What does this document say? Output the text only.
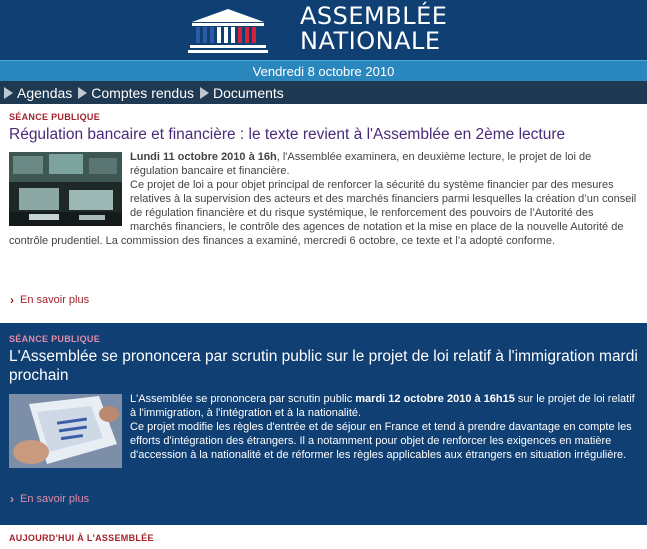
ASSEMBLÉE
NATIONALE
Vendredi 8 octobre 2010
Agendas Comptes rendus Documents
SÉANCE PUBLIQUE
Régulation bancaire et financière : le texte revient à l'Assemblée en 2ème lecture
Lundi 11 octobre 2010 à 16h, l'Assemblée examinera, en deuxième lecture, le projet de loi de régulation bancaire et financière.
Ce projet de loi a pour objet principal de renforcer la sécurité du système financier par des mesures relatives à la supervision des acteurs et des marchés financiers parmi lesquelles la création d’un conseil de régulation financière et du risque systémique, le renforcement des pouvoirs de l’Autorité des marchés financiers, le contrôle des agences de notation et la mise en place de la nouvelle Autorité de contrôle prudentiel. La commission des finances a examiné, mercredi 6 octobre, ce texte et l’a adopté conforme.
› En savoir plus
SÉANCE PUBLIQUE
L'Assemblée se prononcera par scrutin public sur le projet de loi relatif à l'immigration mardi prochain
L'Assemblée se prononcera par scrutin public mardi 12 octobre 2010 à 16h15 sur le projet de loi relatif à l'immigration, à l'intégration et à la nationalité.
Ce projet modifie les règles d'entrée et de séjour en France et tend à prendre davantage en compte les efforts d'intégration des étrangers. Il a notamment pour objet de renforcer les exigences en matière d'accession à la nationalité et de réformer les règles applicables aux étrangers en situation irrégulière.
› En savoir plus
AUJOURD'HUI À L'ASSEMBLÉE
